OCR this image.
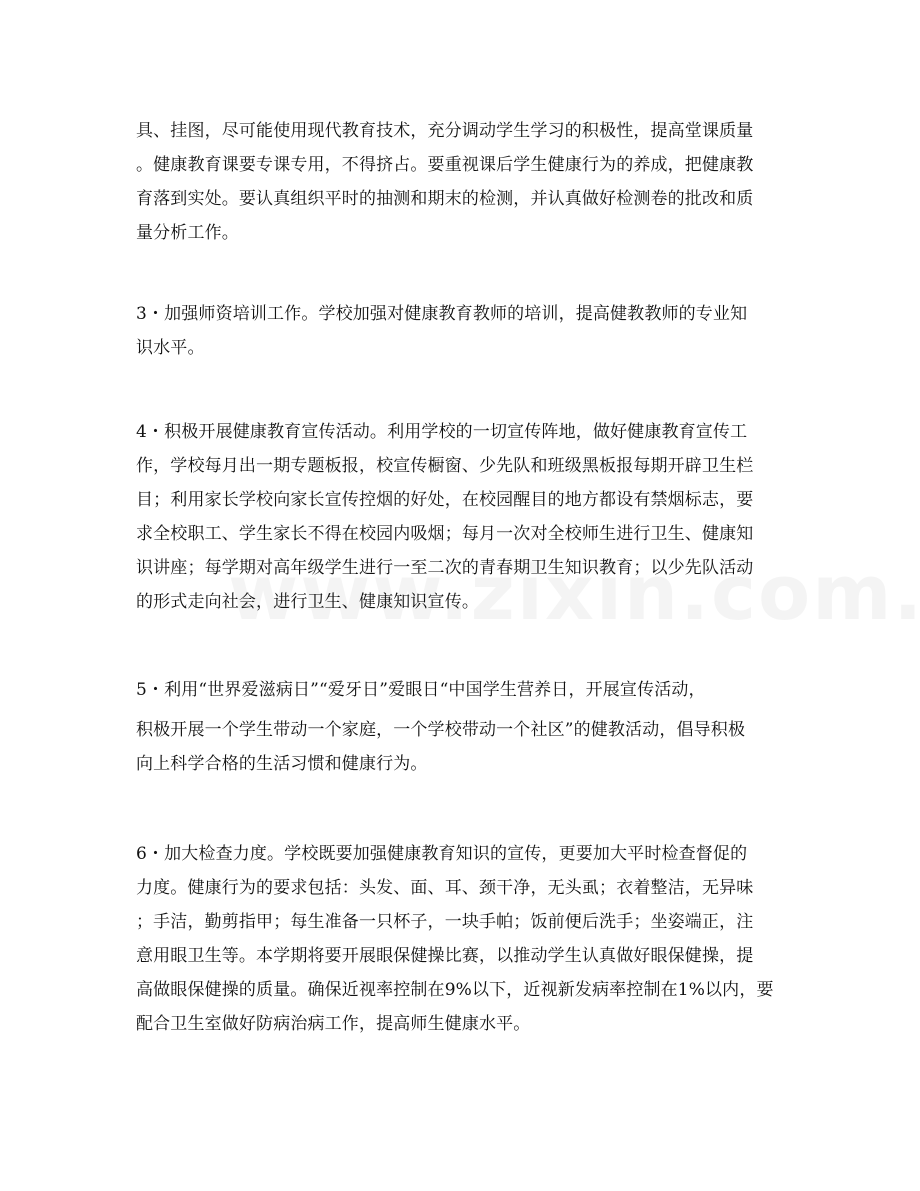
具、挂图，尽可能使用现代教育技术，充分调动学生学习的积极性，提高堂课质量
。健康教育课要专课专用，不得挤占。要重视课后学生健康行为的养成，把健康教
育落到实处。要认真组织平时的抽测和期末的检测，并认真做好检测卷的批改和质
量分析工作。
3・加强师资培训工作。学校加强对健康教育教师的培训，提高健教教师的专业知
识水平。
4・积极开展健康教育宣传活动。利用学校的一切宣传阵地，做好健康教育宣传工
作，学校每月出一期专题板报，校宣传橱窗、少先队和班级黑板报每期开辟卫生栏
目；利用家长学校向家长宣传控烟的好处，在校园醒目的地方都设有禁烟标志，要
求全校职工、学生家长不得在校园内吸烟；每月一次对全校师生进行卫生、健康知
识讲座；每学期对高年级学生进行一至二次的青春期卫生知识教育；以少先队活动
的形式走向社会，进行卫生、健康知识宣传。
5・利用“世界爱滋病日”“爱牙日”爱眼日“中国学生营养日，开展宣传活动，
积极开展一个学生带动一个家庭，一个学校带动一个社区”的健教活动，倡导积极
向上科学合格的生活习惯和健康行为。
6・加大检查力度。学校既要加强健康教育知识的宣传，更要加大平时检查督促的
力度。健康行为的要求包括：头发、面、耳、颈干净，无头虱；衣着整洁，无异味
；手洁，勤剪指甲；每生准备一只杯子，一块手帕；饭前便后洗手；坐姿端正，注
意用眼卫生等。本学期将要开展眼保健操比赛，以推动学生认真做好眼保健操，提
高做眼保健操的质量。确保近视率控制在9%以下，近视新发病率控制在1%以内，要
配合卫生室做好防病治病工作，提高师生健康水平。
